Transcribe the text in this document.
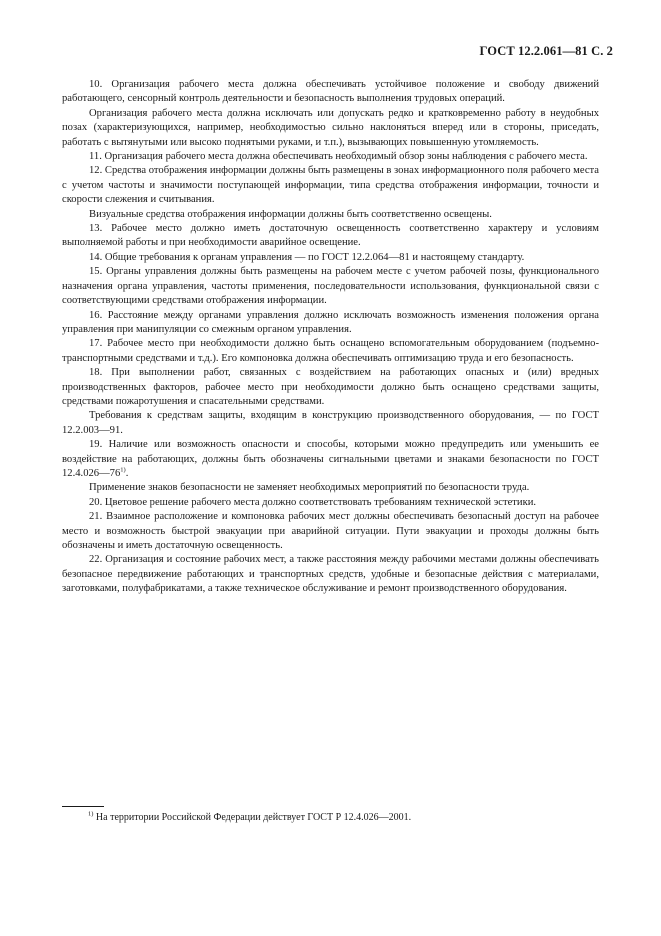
ГОСТ 12.2.061—81 С. 2

10. Организация рабочего места должна обеспечивать устойчивое положение и свободу движений работающего, сенсорный контроль деятельности и безопасность выполнения трудовых операций.

Организация рабочего места должна исключать или допускать редко и кратковременно работу в неудобных позах (характеризующихся, например, необходимостью сильно наклоняться вперед или в стороны, приседать, работать с вытянутыми или высоко поднятыми руками, и т.п.), вызывающих повышенную утомляемость.

11. Организация рабочего места должна обеспечивать необходимый обзор зоны наблюдения с рабочего места.

12. Средства отображения информации должны быть размещены в зонах информационного поля рабочего места с учетом частоты и значимости поступающей информации, типа средства отображения информации, точности и скорости слежения и считывания.

Визуальные средства отображения информации должны быть соответственно освещены.

13. Рабочее место должно иметь достаточную освещенность соответственно характеру и условиям выполняемой работы и при необходимости аварийное освещение.

14. Общие требования к органам управления — по ГОСТ 12.2.064—81 и настоящему стандарту.

15. Органы управления должны быть размещены на рабочем месте с учетом рабочей позы, функционального назначения органа управления, частоты применения, последовательности использования, функциональной связи с соответствующими средствами отображения информации.

16. Расстояние между органами управления должно исключать возможность изменения положения органа управления при манипуляции со смежным органом управления.

17. Рабочее место при необходимости должно быть оснащено вспомогательным оборудованием (подъемно-транспортными средствами и т.д.). Его компоновка должна обеспечивать оптимизацию труда и его безопасность.

18. При выполнении работ, связанных с воздействием на работающих опасных и (или) вредных производственных факторов, рабочее место при необходимости должно быть оснащено средствами защиты, средствами пожаротушения и спасательными средствами.

Требования к средствам защиты, входящим в конструкцию производственного оборудования, — по ГОСТ 12.2.003—91.

19. Наличие или возможность опасности и способы, которыми можно предупредить или уменьшить ее воздействие на работающих, должны быть обозначены сигнальными цветами и знаками безопасности по ГОСТ 12.4.026—76$^{1)}$.

Применение знаков безопасности не заменяет необходимых мероприятий по безопасности труда.

20. Цветовое решение рабочего места должно соответствовать требованиям технической эстетики.

21. Взаимное расположение и компоновка рабочих мест должны обеспечивать безопасный доступ на рабочее место и возможность быстрой эвакуации при аварийной ситуации. Пути эвакуации и проходы должны быть обозначены и иметь достаточную освещенность.

22. Организация и состояние рабочих мест, а также расстояния между рабочими местами должны обеспечивать безопасное передвижение работающих и транспортных средств, удобные и безопасные действия с материалами, заготовками, полуфабрикатами, а также техническое обслуживание и ремонт производственного оборудования.

$^{1)}$ На территории Российской Федерации действует ГОСТ Р 12.4.026—2001.
